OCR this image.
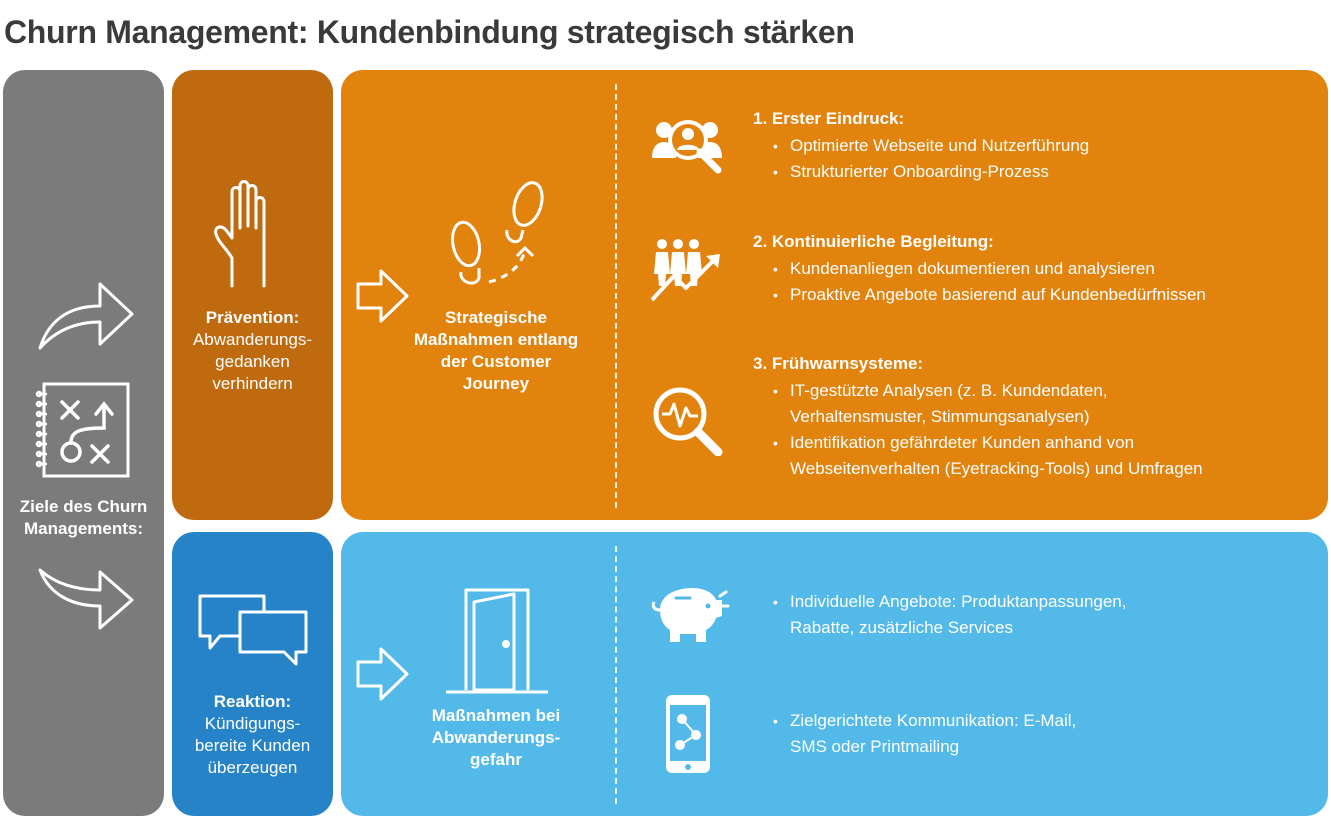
Churn Management: Kundenbindung strategisch stärken
Ziele des Churn
Managements:
Prävention:
Abwanderungs-
gedanken
verhindern
Reaktion:
Kündigungs-
bereite Kunden
überzeugen
Strategische
Maßnahmen entlang
der Customer
Journey
Maßnahmen bei
Abwanderungs-
gefahr
1. Erster Eindruck:
• Optimierte Webseite und Nutzerführung
• Strukturierter Onboarding-Prozess
2. Kontinuierliche Begleitung:
• Kundenanliegen dokumentieren und analysieren
• Proaktive Angebote basierend auf Kundenbedürfnissen
3. Frühwarnsysteme:
• IT-gestützte Analysen (z. B. Kundendaten,
Verhaltensmuster, Stimmungsanalysen)
• Identifikation gefährdeter Kunden anhand von
Webseitenverhalten (Eyetracking-Tools) und Umfragen
• Individuelle Angebote: Produktanpassungen,
Rabatte, zusätzliche Services
• Zielgerichtete Kommunikation: E-Mail,
SMS oder Printmailing
